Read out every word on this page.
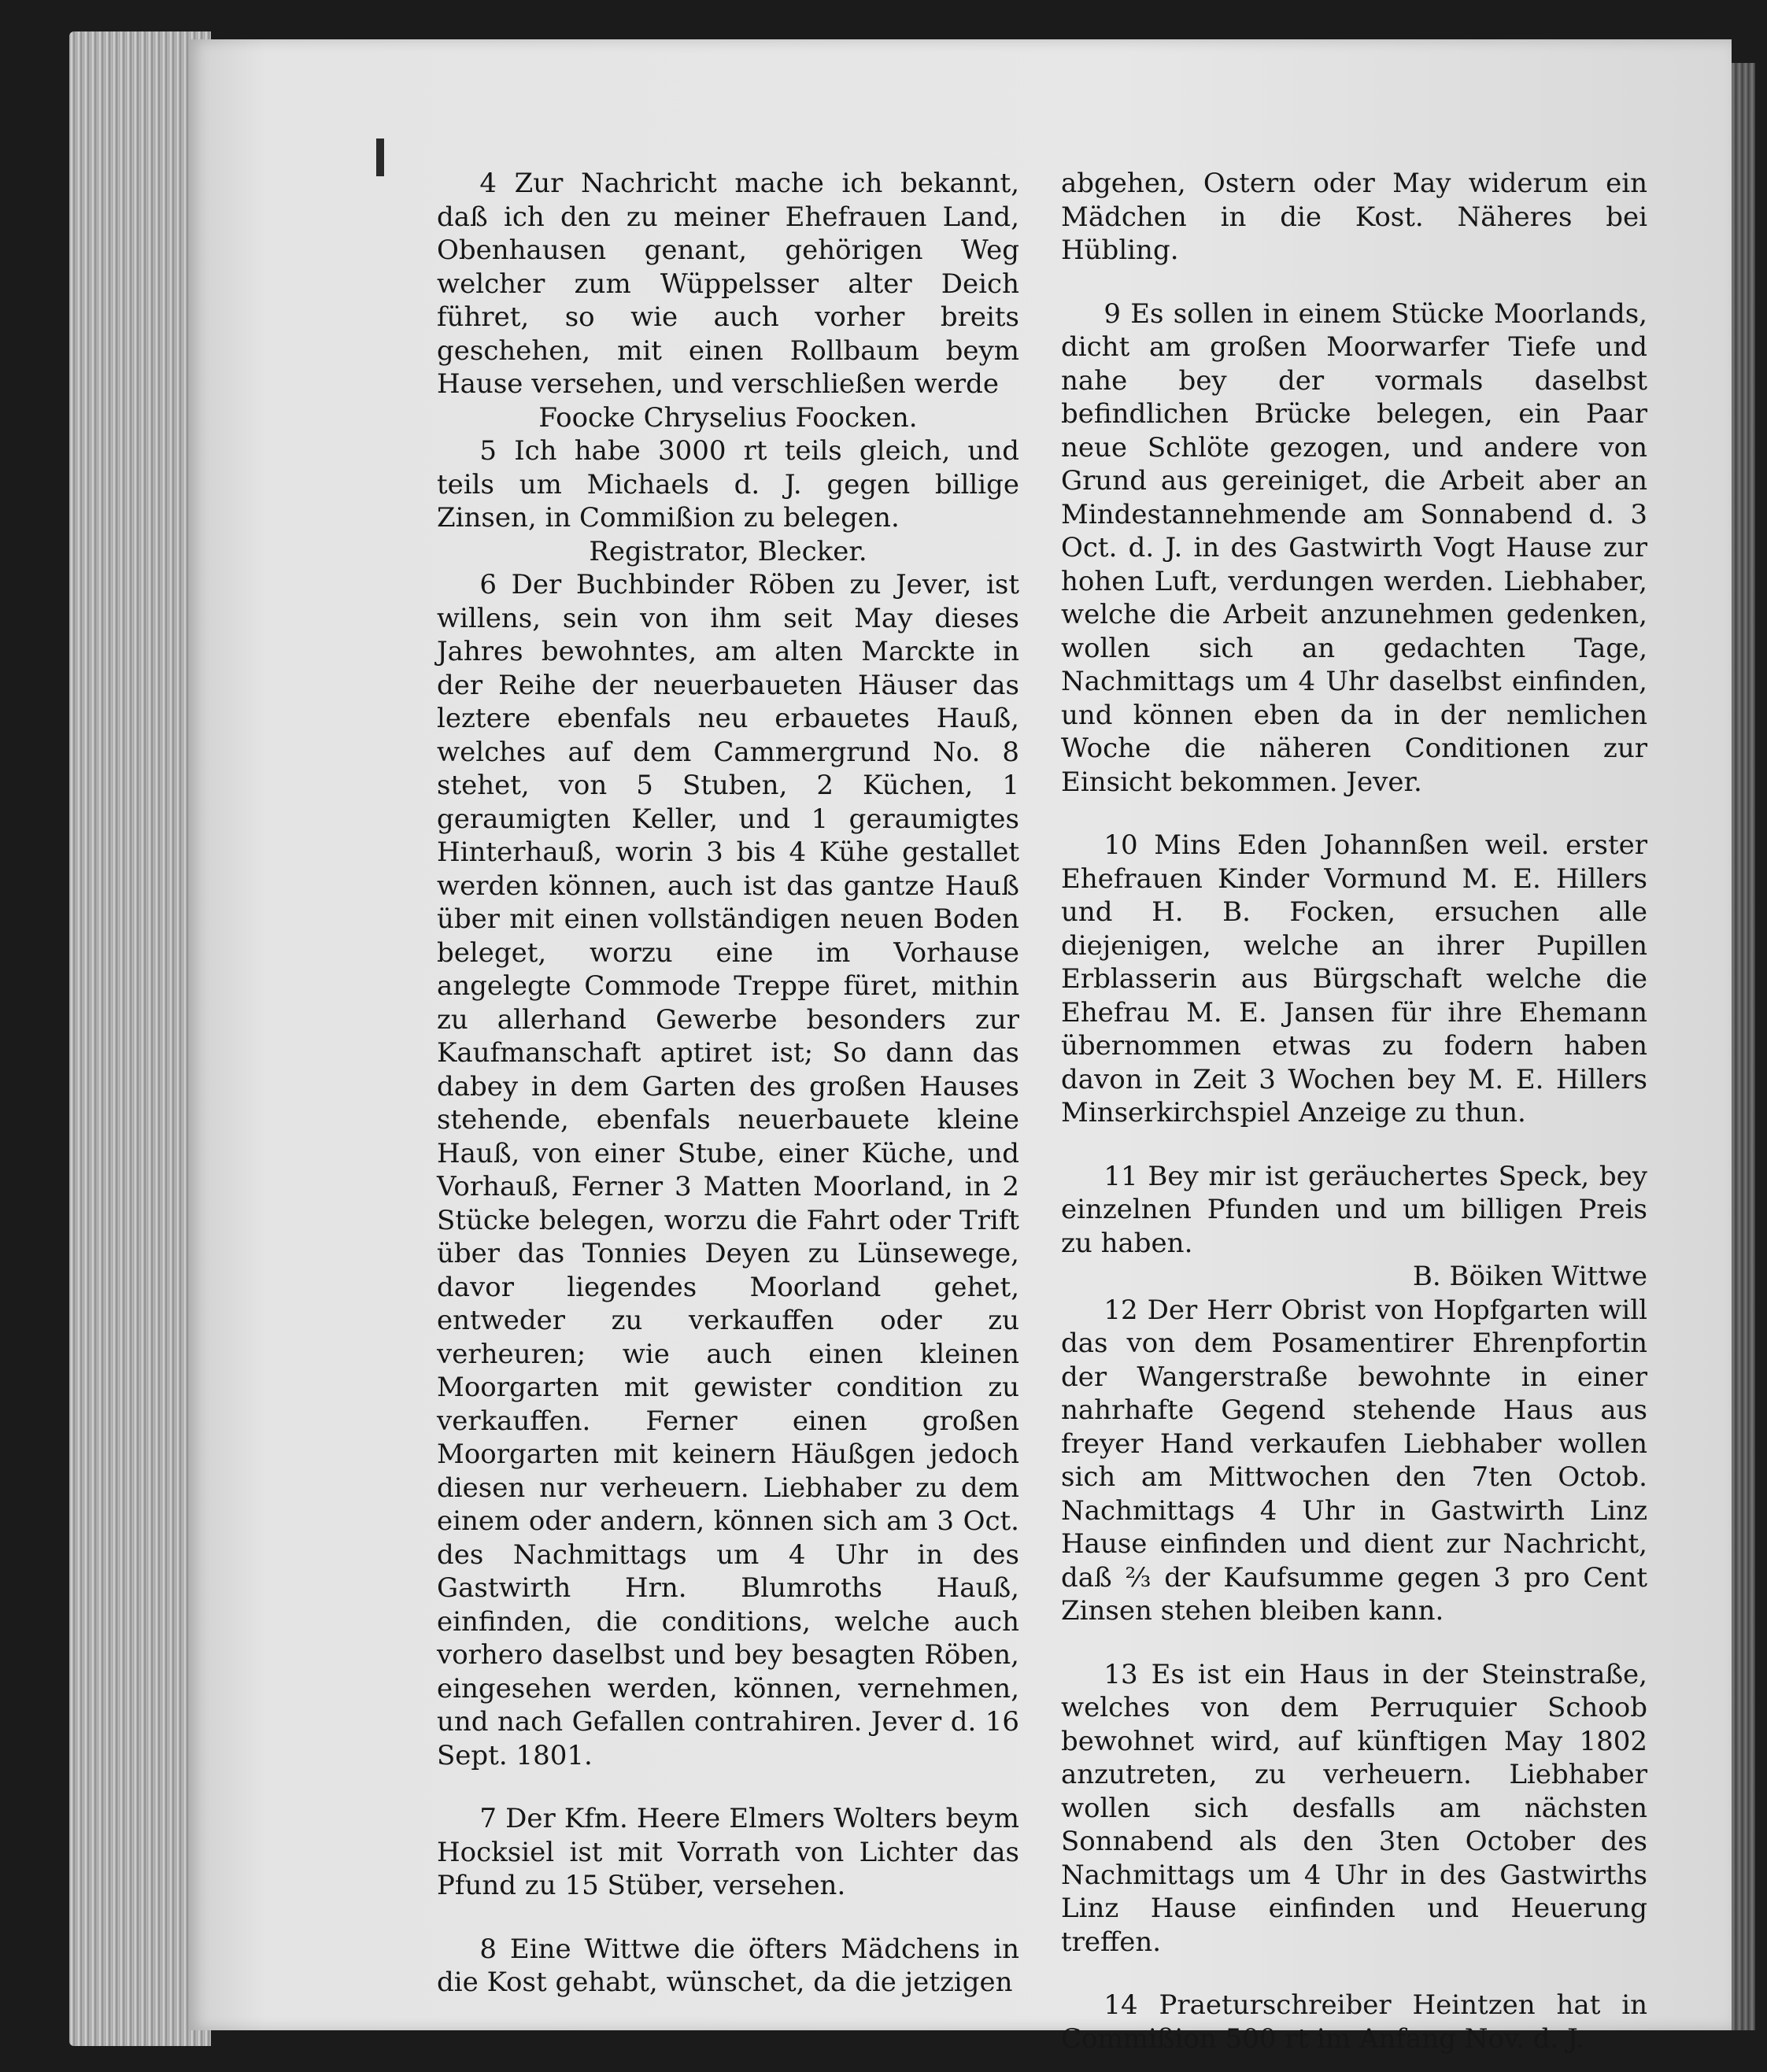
4 Zur Nachricht mache ich bekannt, daß ich den zu meiner Ehefrauen Land, Obenhausen genant, gehörigen Weg welcher zum Wüppelsser alter Deich führet, so wie auch vorher breits geschehen, mit einen Rollbaum beym Hause versehen, und verschließen werde

Foocke Chryselius Foocken.

5 Ich habe 3000 rt teils gleich, und teils um Michaels d. J. gegen billige Zinsen, in Commißion zu belegen.

Registrator, Blecker.

6 Der Buchbinder Röben zu Jever, ist willens, sein von ihm seit May dieses Jahres bewohntes, am alten Marckte in der Reihe der neuerbaueten Häuser das leztere ebenfals neu erbauetes Hauß, welches auf dem Cammergrund No. 8 stehet, von 5 Stuben, 2 Küchen, 1 geraumigten Keller, und 1 geraumigtes Hinterhauß, worin 3 bis 4 Kühe gestallet werden können, auch ist das gantze Hauß über mit einen vollständigen neuen Boden beleget, worzu eine im Vorhause angelegte Commode Treppe füret, mithin zu allerhand Gewerbe besonders zur Kaufmanschaft aptiret ist; So dann das dabey in dem Garten des großen Hauses stehende, ebenfals neuerbauete kleine Hauß, von einer Stube, einer Küche, und Vorhauß, Ferner 3 Matten Moorland, in 2 Stücke belegen, worzu die Fahrt oder Trift über das Tonnies Deyen zu Lünsewege, davor liegendes Moorland gehet, entweder zu verkauffen oder zu verheuren; wie auch einen kleinen Moorgarten mit gewister condition zu verkauffen. Ferner einen großen Moorgarten mit keinern Häußgen jedoch diesen nur verheuern. Liebhaber zu dem einem oder andern, können sich am 3 Oct. des Nachmittags um 4 Uhr in des Gastwirth Hrn. Blumroths Hauß, einfinden, die conditions, welche auch vorhero daselbst und bey besagten Röben, eingesehen werden, können, vernehmen, und nach Gefallen contrahiren. Jever d. 16 Sept. 1801.

7 Der Kfm. Heere Elmers Wolters beym Hocksiel ist mit Vorrath von Lichter das Pfund zu 15 Stüber, versehen.

8 Eine Wittwe die öfters Mädchens in die Kost gehabt, wünschet, da die jetzigen

abgehen, Ostern oder May widerum ein Mädchen in die Kost. Näheres bei Hübling.

9 Es sollen in einem Stücke Moorlands, dicht am großen Moorwarfer Tiefe und nahe bey der vormals daselbst befindlichen Brücke belegen, ein Paar neue Schlöte gezogen, und andere von Grund aus gereiniget, die Arbeit aber an Mindestannehmende am Sonnabend d. 3 Oct. d. J. in des Gastwirth Vogt Hause zur hohen Luft, verdungen werden. Liebhaber, welche die Arbeit anzunehmen gedenken, wollen sich an gedachten Tage, Nachmittags um 4 Uhr daselbst einfinden, und können eben da in der nemlichen Woche die näheren Conditionen zur Einsicht bekommen. Jever.

10 Mins Eden Johannßen weil. erster Ehefrauen Kinder Vormund M. E. Hillers und H. B. Focken, ersuchen alle diejenigen, welche an ihrer Pupillen Erblasserin aus Bürgschaft welche die Ehefrau M. E. Jansen für ihre Ehemann übernommen etwas zu fodern haben davon in Zeit 3 Wochen bey M. E. Hillers Minserkirchspiel Anzeige zu thun.

11 Bey mir ist geräuchertes Speck, bey einzelnen Pfunden und um billigen Preis zu haben.

B. Böiken Wittwe

12 Der Herr Obrist von Hopfgarten will das von dem Posamentirer Ehrenpfortin der Wangerstraße bewohnte in einer nahrhafte Gegend stehende Haus aus freyer Hand verkaufen Liebhaber wollen sich am Mittwochen den 7ten Octob. Nachmittags 4 Uhr in Gastwirth Linz Hause einfinden und dient zur Nachricht, daß ⅔ der Kaufsumme gegen 3 pro Cent Zinsen stehen bleiben kann.

13 Es ist ein Haus in der Steinstraße, welches von dem Perruquier Schoob bewohnet wird, auf künftigen May 1802 anzutreten, zu verheuern. Liebhaber wollen sich desfalls am nächsten Sonnabend als den 3ten October des Nachmittags um 4 Uhr in des Gastwirths Linz Hause einfinden und Heuerung treffen.

14 Praeturschreiber Heintzen hat in Commißion 500 rt im Anfang Nov. d. J.
